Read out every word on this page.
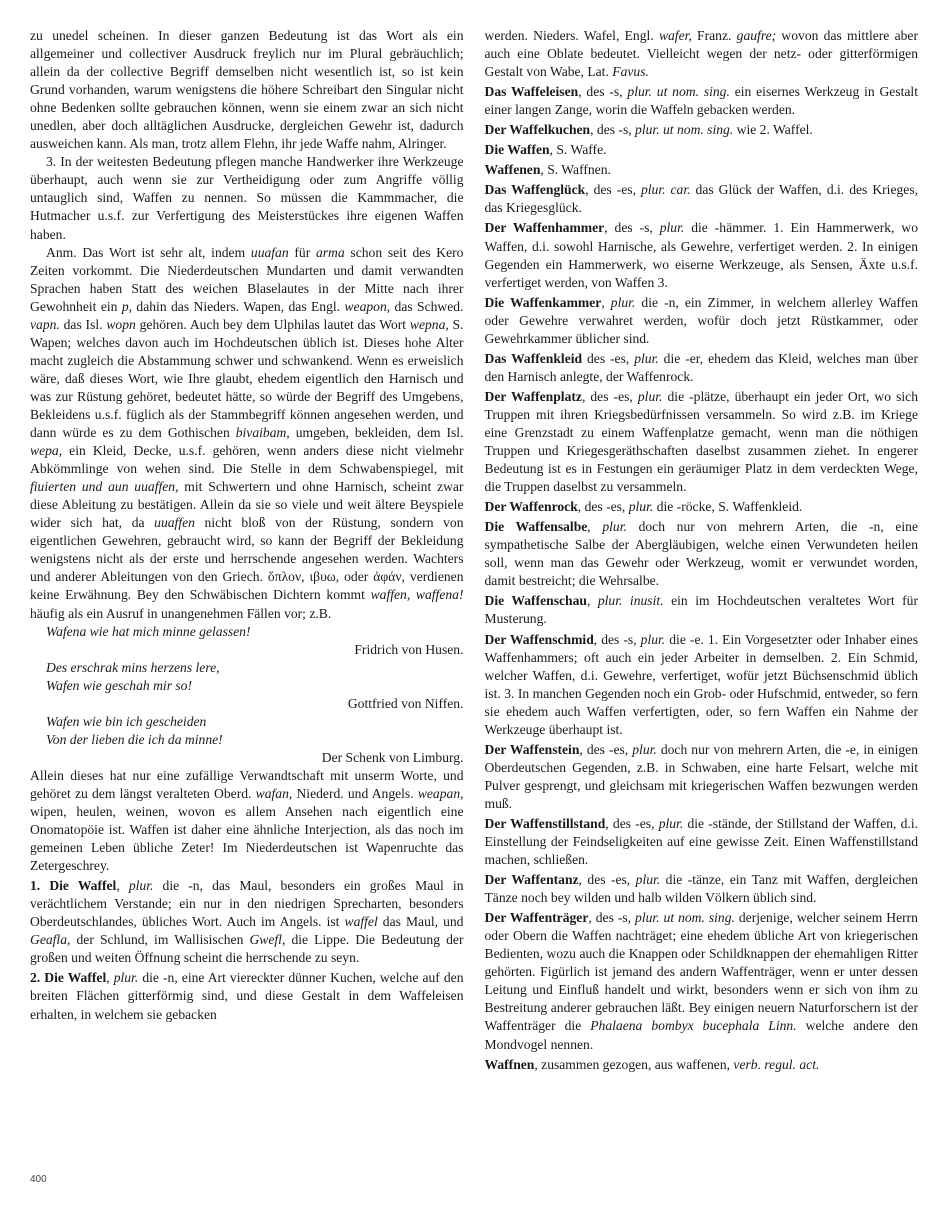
zu unedel scheinen. In dieser ganzen Bedeutung ist das Wort als ein allgemeiner und collectiver Ausdruck freylich nur im Plural gebräuchlich; allein da der collective Begriff demselben nicht wesentlich ist, so ist kein Grund vorhanden, warum wenigstens die höhere Schreibart den Singular nicht ohne Bedenken sollte gebrauchen können, wenn sie einem zwar an sich nicht unedlen, aber doch alltäglichen Ausdrucke, dergleichen Gewehr ist, dadurch ausweichen kann. Als man, trotz allem Flehn, ihr jede Waffe nahm, Alringer.

3. In der weitesten Bedeutung pflegen manche Handwerker ihre Werkzeuge überhaupt, auch wenn sie zur Vertheidigung oder zum Angriffe völlig untauglich sind, Waffen zu nennen. So müssen die Kammmacher, die Hutmacher u.s.f. zur Verfertigung des Meisterstückes ihre eigenen Waffen haben.

Anm. Das Wort ist sehr alt, indem uuafan für arma schon seit des Kero Zeiten vorkommt. Die Niederdeutschen Mundarten und damit verwandten Sprachen haben Statt des weichen Blaselautes in der Mitte nach ihrer Gewohnheit ein p, dahin das Nieders. Wapen, das Engl. weapon, das Schwed. vapn. das Isl. wopn gehören. Auch bey dem Ulphilas lautet das Wort wepna, S. Wapen; welches davon auch im Hochdeutschen üblich ist. Dieses hohe Alter macht zugleich die Abstammung schwer und schwankend. Wenn es erweislich wäre, daß dieses Wort, wie Ihre glaubt, ehedem eigentlich den Harnisch und was zur Rüstung gehöret, bedeutet hätte, so würde der Begriff des Umgebens, Bekleidens u.s.f. füglich als der Stammbegriff können angesehen werden, und dann würde es zu dem Gothischen bivaibam, umgeben, bekleiden, dem Isl. wepa, ein Kleid, Decke, u.s.f. gehören, wenn anders diese nicht vielmehr Abkömmlinge von wehen sind. Die Stelle in dem Schwabenspiegel, mit fiuierten und aun uuaffen, mit Schwertern und ohne Harnisch, scheint zwar diese Ableitung zu bestätigen. Allein da sie so viele und weit ältere Beyspiele wider sich hat, da uuaffen nicht bloß von der Rüstung, sondern von eigentlichen Gewehren, gebraucht wird, so kann der Begriff der Bekleidung wenigstens nicht als der erste und herrschende angesehen werden. Wachters und anderer Ableitungen von den Griech. ὅπλον, ιβυω, oder ἀφάν, verdienen keine Erwähnung. Bey den Schwäbischen Dichtern kommt waffen, waffena! häufig als ein Ausruf in unangenehmen Fällen vor; z.B.

Wafena wie hat mich minne gelassen!

Fridrich von Husen.

Des erschrak mins herzens lere,

Wafen wie geschah mir so!

Gottfried von Niffen.

Wafen wie bin ich gescheiden

Von der lieben die ich da minne!

Der Schenk von Limburg.

Allein dieses hat nur eine zufällige Verwandtschaft mit unserm Worte, und gehöret zu dem längst veralteten Oberd. wafan, Niederd. und Angels. weapan, wipen, heulen, weinen, wovon es allem Ansehen nach eigentlich eine Onomatopöie ist. Waffen ist daher eine ähnliche Interjection, als das noch im gemeinen Leben übliche Zeter! Im Niederdeutschen ist Wapenruchte das Zetergeschrey.

1. Die Waffel, plur. die -n, das Maul, besonders ein großes Maul in verächtlichem Verstande; ein nur in den niedrigen Sprecharten, besonders Oberdeutschlandes, übliches Wort. Auch im Angels. ist waffel das Maul, und Geafla, der Schlund, im Wallisischen Gwefl, die Lippe. Die Bedeutung der großen und weiten Öffnung scheint die herrschende zu seyn.

2. Die Waffel, plur. die -n, eine Art viereckter dünner Kuchen, welche auf den breiten Flächen gitterförmig sind, und diese Gestalt in dem Waffeleisen erhalten, in welchem sie gebacken

werden. Nieders. Wafel, Engl. wafer, Franz. gaufre; wovon das mittlere aber auch eine Oblate bedeutet. Vielleicht wegen der netz- oder gitterförmigen Gestalt von Wabe, Lat. Favus.

Das Waffeleisen, des -s, plur. ut nom. sing. ein eisernes Werkzeug in Gestalt einer langen Zange, worin die Waffeln gebacken werden.

Der Waffelkuchen, des -s, plur. ut nom. sing. wie 2. Waffel.

Die Waffen, S. Waffe.

Waffenen, S. Waffnen.

Das Waffenglück, des -es, plur. car. das Glück der Waffen, d.i. des Krieges, das Kriegesglück.

Der Waffenhammer, des -s, plur. die -hämmer. 1. Ein Hammerwerk, wo Waffen, d.i. sowohl Harnische, als Gewehre, verfertiget werden. 2. In einigen Gegenden ein Hammerwerk, wo eiserne Werkzeuge, als Sensen, Äxte u.s.f. verfertiget werden, von Waffen 3.

Die Waffenkammer, plur. die -n, ein Zimmer, in welchem allerley Waffen oder Gewehre verwahret werden, wofür doch jetzt Rüstkammer, oder Gewehrkammer üblicher sind.

Das Waffenkleid des -es, plur. die -er, ehedem das Kleid, welches man über den Harnisch anlegte, der Waffenrock.

Der Waffenplatz, des -es, plur. die -plätze, überhaupt ein jeder Ort, wo sich Truppen mit ihren Kriegsbedürfnissen versammeln. So wird z.B. im Kriege eine Grenzstadt zu einem Waffenplatze gemacht, wenn man die nöthigen Truppen und Kriegesgeräthschaften daselbst zusammen ziehet. In engerer Bedeutung ist es in Festungen ein geräumiger Platz in dem verdeckten Wege, die Truppen daselbst zu versammeln.

Der Waffenrock, des -es, plur. die -röcke, S. Waffenkleid.

Die Waffensalbe, plur. doch nur von mehrern Arten, die -n, eine sympathetische Salbe der Abergläubigen, welche einen Verwundeten heilen soll, wenn man das Gewehr oder Werkzeug, womit er verwundet worden, damit bestreicht; die Wehrsalbe.

Die Waffenschau, plur. inusit. ein im Hochdeutschen veraltetes Wort für Musterung.

Der Waffenschmid, des -s, plur. die -e. 1. Ein Vorgesetzter oder Inhaber eines Waffenhammers; oft auch ein jeder Arbeiter in demselben. 2. Ein Schmid, welcher Waffen, d.i. Gewehre, verfertiget, wofür jetzt Büchsenschmid üblich ist. 3. In manchen Gegenden noch ein Grob- oder Hufschmid, entweder, so fern sie ehedem auch Waffen verfertigten, oder, so fern Waffen ein Nahme der Werkzeuge überhaupt ist.

Der Waffenstein, des -es, plur. doch nur von mehrern Arten, die -e, in einigen Oberdeutschen Gegenden, z.B. in Schwaben, eine harte Felsart, welche mit Pulver gesprengt, und gleichsam mit kriegerischen Waffen bezwungen werden muß.

Der Waffenstillstand, des -es, plur. die -stände, der Stillstand der Waffen, d.i. Einstellung der Feindseligkeiten auf eine gewisse Zeit. Einen Waffenstillstand machen, schließen.

Der Waffentanz, des -es, plur. die -tänze, ein Tanz mit Waffen, dergleichen Tänze noch bey wilden und halb wilden Völkern üblich sind.

Der Waffenträger, des -s, plur. ut nom. sing. derjenige, welcher seinem Herrn oder Obern die Waffen nachträget; eine ehedem übliche Art von kriegerischen Bedienten, wozu auch die Knappen oder Schildknappen der ehemahligen Ritter gehörten. Figürlich ist jemand des andern Waffenträger, wenn er unter dessen Leitung und Einfluß handelt und wirkt, besonders wenn er sich von ihm zu Bestreitung anderer gebrauchen läßt. Bey einigen neuern Naturforschern ist der Waffenträger die Phalaena bombyx bucephala Linn. welche andere den Mondvogel nennen.

Waffnen, zusammen gezogen, aus waffenen, verb. regul. act.

400
